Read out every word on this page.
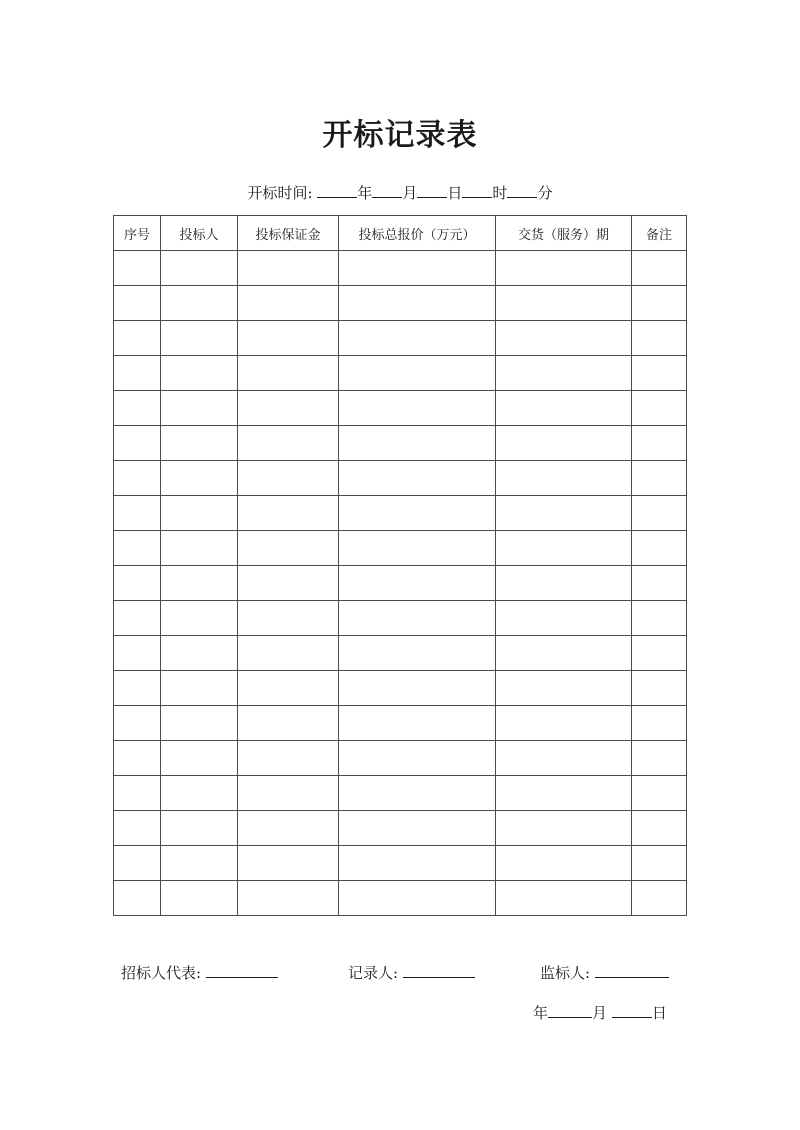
开标记录表
开标时间:	年 月 日 时 分
序号	投标人	投标保证金	投标总报价（万元）	交货（服务）期	备注

招标人代表:	记录人:	监标人:
年	月	日
